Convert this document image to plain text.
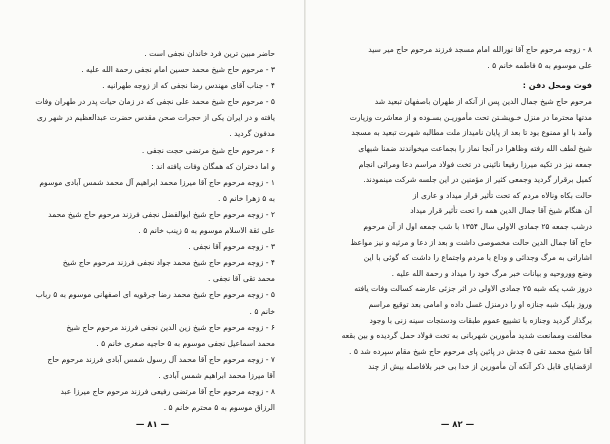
حاضر مبین ترین فرد خاندان نجفی است .
۳ - مرحوم حاج شیخ محمد حسین امام نجفی رحمة الله علیه .
۴ - جناب آقای مهندس رضا نجفی که از زوجه طهرانیه .
۵ - مرحوم حاج شیخ محمد علی نجفی که در زمان حیات پدر در طهران وفات
یافته و در ایران یکی از حجرات صحن مقدس حضرت عبدالعظیم در شهر ری
مدفون گردید .
۶ - مرحوم حاج شیخ مرتضی حجت نجفی .
و اما دختران که همگان وفات یافته اند :
۱ - زوجه مرحوم حاج آقا میرزا محمد ابراهیم آل محمد شمس آبادی موسوم
به ۵ زهرا خانم ۵ .
۲ - زوجه مرحوم حاج شیخ ابوالفضل نجفی فرزند مرحوم حاج شیخ محمد
علی ثقة الاسلام موسوم به ۵ زینب خانم ۵ .
۳ - زوجه مرحوم آقا نجفی .
۴ - زوجه مرحوم حاج شیخ محمد جواد نجفی فرزند مرحوم حاج شیخ
محمد تقی آقا نجفی .
۵ - زوجه مرحوم حاج شیخ محمد رضا جرقویه ای اصفهانی موسوم به ۵ رباب
خانم ۵ .
۶ - زوجه مرحوم حاج شیخ زین الدین نجفی فرزند مرحوم حاج شیخ
محمد اسماعیل نجفی موسوم به ۵ حاجیه صغری خانم ۵ .
۷ - زوجه مرحوم حاج آقا محمد آل رسول شمس آبادی فرزند مرحوم حاج
آقا میرزا محمد ابراهیم شمس آبادی .
۸ - زوجه مرحوم حاج آقا مرتضی رفیعی فرزند مرحوم حاج میرزا عبد
الرزاق موسوم به ۵ محترم خانم ۵ .
— ۸۱ —
۸ - زوجه مرحوم حاج آقا نورالله امام مسجد فرزند مرحوم حاج میر سید
علی موسوم به ۵ فاطمه خانم ۵ .
فوت ومحل دفن :
مرحوم حاج شیخ جمال الدین پس از آنکه از طهران باصفهان تبعید شد
مدتها محترما در منزل خـویشـتن تحت مأموریـن بسـوده و از معاشرت وزیارت
وآمد با او ممنوع بود تا بعد از پایان نامیداز ملت مطالبه شهرت تبعید به مسجد
شیخ لطف الله رفته وظاهرا در آنجا نماز را بجماعت میخواندند ضمنا شبهای
جمعه نیز در تکیه میرزا رفیعا نائینی در تخت فولاد مراسم دعا ومراثی انجام
کمیل برقرار گردید وجمعی کثیر از مؤمنین در این جلسه شرکت مینمودند.
حالت بکاه ونالاه مردم که تحت تأثیر قرار میداد و عاری از
آن هنگام شیخ آقا جمال الدین همه را تحت تأثیر قرار میداد
درشب جمعه ۲۵ جمادی الاولی سال ۱۳۵۴ با شب جمعه اول از آن مرحوم
حاج آقا جمال الدین حالت مخصوصی داشت و بعد از دعا و مرثیه و نیز مواعظ
اشاراتی به مرگ وجدائی و وداع با مردم واجتماع را داشت که گوئی با این
وضع ووروحیه و بیانات خبر مرگ خود را میداد و رحمة الله علیه .
دروز شب یکه شبه ۲۵ جمادی الاولی در اثر جزئی عارضه کسالت وفات یافته
وروز بلیک شبه جنازه او را درمنزل غسل داده و امامی بعد توقیع مراسم
برگذار گردید وجنازه با تشییع عموم طبقات ودستجات سینه زنی با وجود
مخالفت وممانعت شدید مأمورین شهربانی به تخت فولاد حمل گردیده و بین بقعه
آقا شیخ محمد تقی ۵ جدش در پائین پای مرحوم حاج شیخ مقام سپرده شد ۵ .
ازقضایای قابل ذکر آنکه آن مأمورین از خدا بی خبر بلافاصله بیش از چند
— ۸۲ —
